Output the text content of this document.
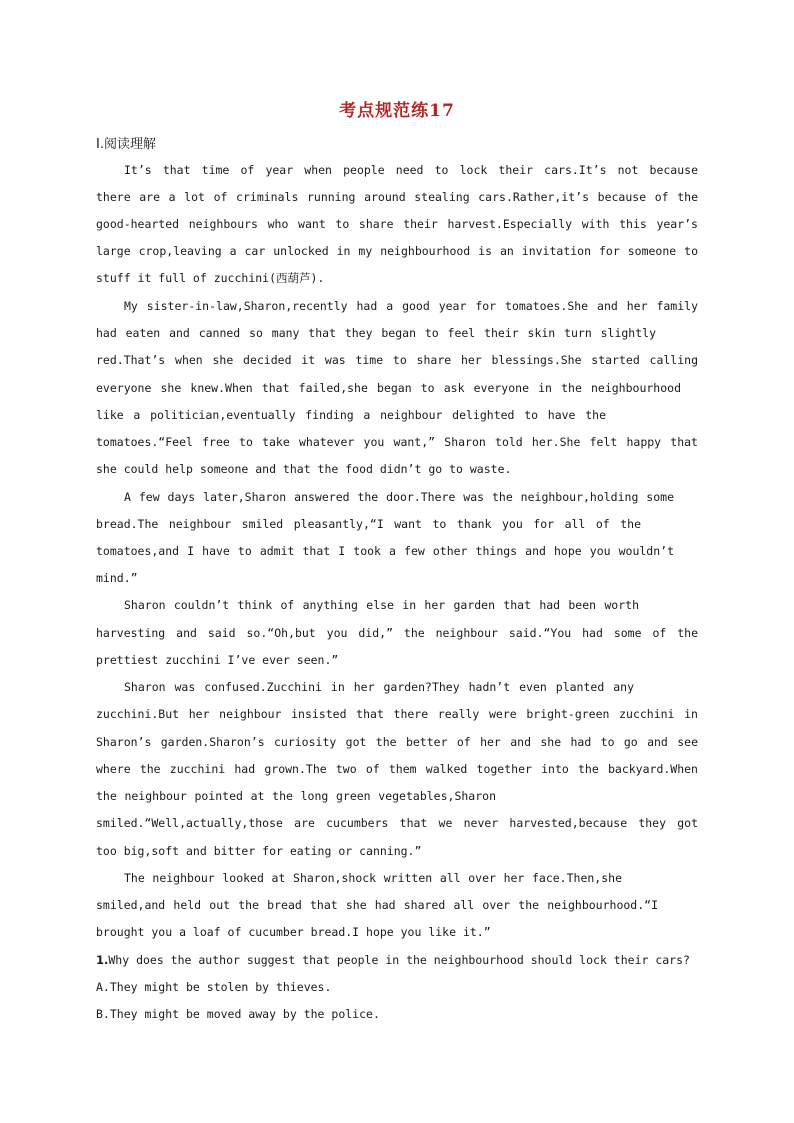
考点规范练17
Ⅰ.阅读理解
It’s that time of year when people need to lock their cars.It’s not because
there are a lot of criminals running around stealing cars.Rather,it’s because of the
good-hearted neighbours who want to share their harvest.Especially with this year’s
large crop,leaving a car unlocked in my neighbourhood is an invitation for someone to
stuff it full of zucchini(西葫芦).
My sister-in-law,Sharon,recently had a good year for tomatoes.She and her family
had eaten and canned so many that they began to feel their skin turn slightly
red.That’s when she decided it was time to share her blessings.She started calling
everyone she knew.When that failed,she began to ask everyone in the neighbourhood
like a politician,eventually finding a neighbour delighted to have the
tomatoes.“Feel free to take whatever you want,” Sharon told her.She felt happy that
she could help someone and that the food didn’t go to waste.
A few days later,Sharon answered the door.There was the neighbour,holding some
bread.The neighbour smiled pleasantly,“I want to thank you for all of the
tomatoes,and I have to admit that I took a few other things and hope you wouldn’t
mind.”
Sharon couldn’t think of anything else in her garden that had been worth
harvesting and said so.“Oh,but you did,” the neighbour said.“You had some of the
prettiest zucchini I’ve ever seen.”
Sharon was confused.Zucchini in her garden?They hadn’t even planted any
zucchini.But her neighbour insisted that there really were bright-green zucchini in
Sharon’s garden.Sharon’s curiosity got the better of her and she had to go and see
where the zucchini had grown.The two of them walked together into the backyard.When
the neighbour pointed at the long green vegetables,Sharon
smiled.“Well,actually,those are cucumbers that we never harvested,because they got
too big,soft and bitter for eating or canning.”
The neighbour looked at Sharon,shock written all over her face.Then,she
smiled,and held out the bread that she had shared all over the neighbourhood.“I
brought you a loaf of cucumber bread.I hope you like it.”
1.Why does the author suggest that people in the neighbourhood should lock their cars?
A.They might be stolen by thieves.
B.They might be moved away by the police.
